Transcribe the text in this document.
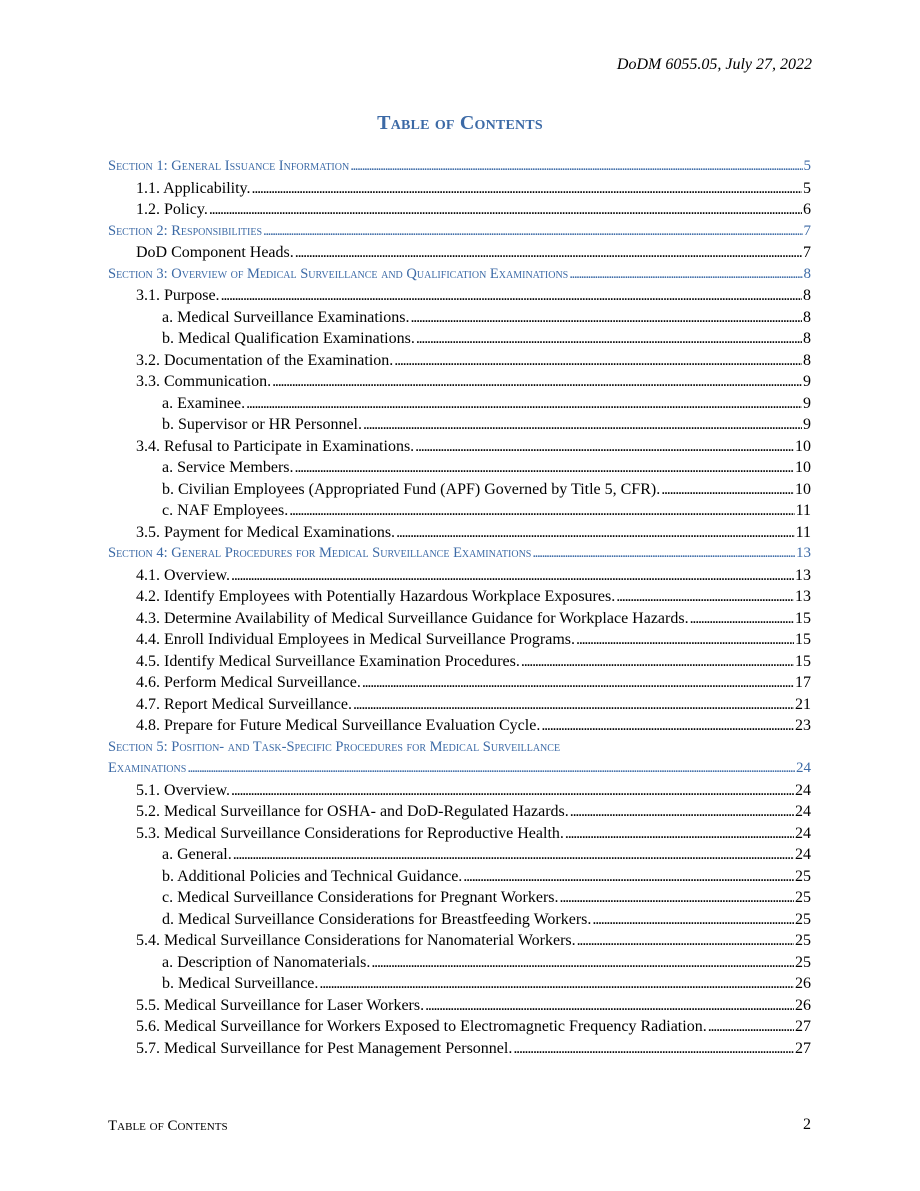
DoDM 6055.05, July 27, 2022
Table of Contents
Section 1: General Issuance Information . . .	5
1.1. Applicability. . . .	5
1.2. Policy. . . .	6
Section 2: Responsibilities . . .	7
DoD Component Heads. . . .	7
Section 3: Overview of Medical Surveillance and Qualification Examinations . . .	8
3.1. Purpose. . . .	8
a. Medical Surveillance Examinations. . . .	8
b. Medical Qualification Examinations. . . .	8
3.2. Documentation of the Examination. . . .	8
3.3. Communication. . . .	9
a. Examinee. . . .	9
b. Supervisor or HR Personnel. . . .	9
3.4. Refusal to Participate in Examinations. . . .	10
a. Service Members. . . .	10
b. Civilian Employees (Appropriated Fund (APF) Governed by Title 5, CFR). . . .	10
c. NAF Employees. . . .	11
3.5. Payment for Medical Examinations. . . .	11
Section 4: General Procedures for Medical Surveillance Examinations . . .	13
4.1. Overview. . . .	13
4.2. Identify Employees with Potentially Hazardous Workplace Exposures. . . .	13
4.3. Determine Availability of Medical Surveillance Guidance for Workplace Hazards. . . .	15
4.4. Enroll Individual Employees in Medical Surveillance Programs. . . .	15
4.5. Identify Medical Surveillance Examination Procedures. . . .	15
4.6. Perform Medical Surveillance. . . .	17
4.7. Report Medical Surveillance. . . .	21
4.8. Prepare for Future Medical Surveillance Evaluation Cycle. . . .	23
Section 5: Position- and Task-Specific Procedures for Medical Surveillance
Examinations . . .	24
5.1. Overview. . . .	24
5.2. Medical Surveillance for OSHA- and DoD-Regulated Hazards. . . .	24
5.3. Medical Surveillance Considerations for Reproductive Health. . . .	24
a. General. . . .	24
b. Additional Policies and Technical Guidance. . . .	25
c. Medical Surveillance Considerations for Pregnant Workers. . . .	25
d. Medical Surveillance Considerations for Breastfeeding Workers. . . .	25
5.4. Medical Surveillance Considerations for Nanomaterial Workers. . . .	25
a. Description of Nanomaterials. . . .	25
b. Medical Surveillance. . . .	26
5.5. Medical Surveillance for Laser Workers. . . .	26
5.6. Medical Surveillance for Workers Exposed to Electromagnetic Frequency Radiation. . . .	27
5.7. Medical Surveillance for Pest Management Personnel. . . .	27
Table of Contents	2
